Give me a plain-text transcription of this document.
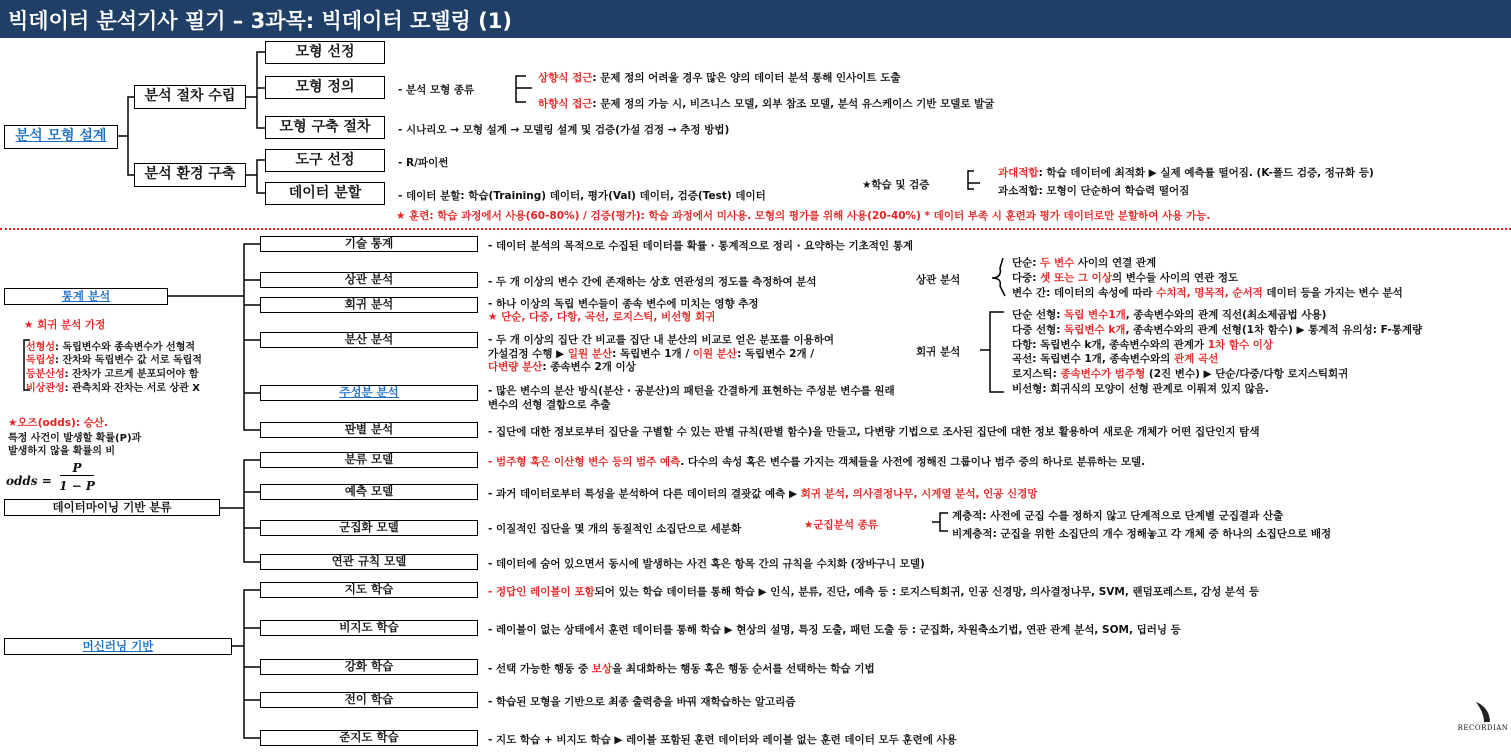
빅데이터 분석기사 필기 – 3과목: 빅데이터 모델링 (1)
분석 모형 설계
분석 절차 수립
분석 환경 구축
모형 선정
모형 정의
모형 구축 절차
도구 선정
데이터 분할
- 분석 모형 종류
상향식 접근: 문제 정의 어려울 경우 많은 양의 데이터 분석 통해 인사이트 도출
하향식 접근: 문제 정의 가능 시, 비즈니스 모델, 외부 참조 모델, 분석 유스케이스 기반 모델로 발굴
- 시나리오 → 모형 설계 → 모델링 설계 및 검증(가설 검정 → 추정 방법)
- R/파이썬
- 데이터 분할: 학습(Training) 데이터, 평가(Val) 데이터, 검증(Test) 데이터
★학습 및 검증
과대적합: 학습 데이터에 최적화 ▶ 실제 예측률 떨어짐. (K-폴드 검증, 정규화 등)
과소적합: 모형이 단순하여 학습력 떨어짐
★ 훈련: 학습 과정에서 사용(60-80%) / 검증(평가): 학습 과정에서 미사용. 모형의 평가를 위해 사용(20-40%) * 데이터 부족 시 훈련과 평가 데이터로만 분할하여 사용 가능.
통계 분석
기술 통계
상관 분석
회귀 분석
분산 분석
주성분 분석
판별 분석
- 데이터 분석의 목적으로 수집된 데이터를 확률 · 통계적으로 정리 · 요약하는 기초적인 통계
- 두 개 이상의 변수 간에 존재하는 상호 연관성의 정도를 측정하여 분석
- 하나 이상의 독립 변수들이 종속 변수에 미치는 영향 추정
★ 단순, 다중, 다항, 곡선, 로지스틱, 비선형 회귀
- 두 개 이상의 집단 간 비교를 집단 내 분산의 비교로 얻은 분포를 이용하여
가설검정 수행 ▶ 일원 분산: 독립변수 1개 / 이원 분산: 독립변수 2개 /
다변량 분산: 종속변수 2개 이상
- 많은 변수의 분산 방식(분산 · 공분산)의 패턴을 간결하게 표현하는 주성분 변수를 원래
변수의 선형 결합으로 추출
- 집단에 대한 정보로부터 집단을 구별할 수 있는 판별 규칙(판별 함수)을 만들고, 다변량 기법으로 조사된 집단에 대한 정보 활용하여 새로운 개체가 어떤 집단인지 탐색
상관 분석
단순: 두 변수 사이의 연결 관계
다중: 셋 또는 그 이상의 변수들 사이의 연관 정도
변수 간: 데이터의 속성에 따라 수치적, 명목적, 순서적 데이터 등을 가지는 변수 분석
회귀 분석
단순 선형: 독립 변수1개, 종속변수와의 관계 직선(최소제곱법 사용)
다중 선형: 독립변수 k개, 종속변수와의 관계 선형(1차 함수) ▶ 통계적 유의성: F-통계량
다항: 독립변수 k개, 종속변수와의 관계가 1차 함수 이상
곡선: 독립변수 1개, 종속변수와의 관계 곡선
로지스틱: 종속변수가 범주형 (2진 변수) ▶ 단순/다중/다항 로지스틱회귀
비선형: 회귀식의 모양이 선형 관계로 이뤄져 있지 않음.
★ 회귀 분석 가정
선형성: 독립변수와 종속변수가 선형적
독립성: 잔차와 독립변수 값 서로 독립적
등분산성: 잔차가 고르게 분포되어야 함
비상관성: 관측치와 잔차는 서로 상관 X
★오즈(odds): 승산.
특정 사건이 발생할 확률(P)과
발생하지 않을 확률의 비
odds =
P
1 − P
데이터마이닝 기반 분류
분류 모델
예측 모델
군집화 모델
연관 규칙 모델
- 범주형 혹은 이산형 변수 등의 범주 예측. 다수의 속성 혹은 변수를 가지는 객체들을 사전에 정해진 그룹이나 범주 중의 하나로 분류하는 모델.
- 과거 데이터로부터 특성을 분석하여 다른 데이터의 결괏값 예측 ▶ 회귀 분석, 의사결정나무, 시계열 분석, 인공 신경망
- 이질적인 집단을 몇 개의 동질적인 소집단으로 세분화	★군집분석 종류
계층적: 사전에 군집 수를 정하지 않고 단계적으로 단계별 군집결과 산출
비계층적: 군집을 위한 소집단의 개수 정해놓고 각 개체 중 하나의 소집단으로 배정
- 데이터에 숨어 있으면서 동시에 발생하는 사건 혹은 항목 간의 규칙을 수치화 (장바구니 모델)
머신러닝 기반
지도 학습
비지도 학습
강화 학습
전이 학습
준지도 학습
- 정답인 레이블이 포함되어 있는 학습 데이터를 통해 학습 ▶ 인식, 분류, 진단, 예측 등 : 로지스틱회귀, 인공 신경망, 의사결정나무, SVM, 랜덤포레스트, 감성 분석 등
- 레이블이 없는 상태에서 훈련 데이터를 통해 학습 ▶ 현상의 설명, 특징 도출, 패턴 도출 등 : 군집화, 차원축소기법, 연관 관계 분석, SOM, 딥러닝 등
- 선택 가능한 행동 중 보상을 최대화하는 행동 혹은 행동 순서를 선택하는 학습 기법
- 학습된 모형을 기반으로 최종 출력층을 바꿔 재학습하는 알고리즘
- 지도 학습 + 비지도 학습 ▶ 레이블 포함된 훈련 데이터와 레이블 없는 훈련 데이터 모두 훈련에 사용
RECORDIAN
